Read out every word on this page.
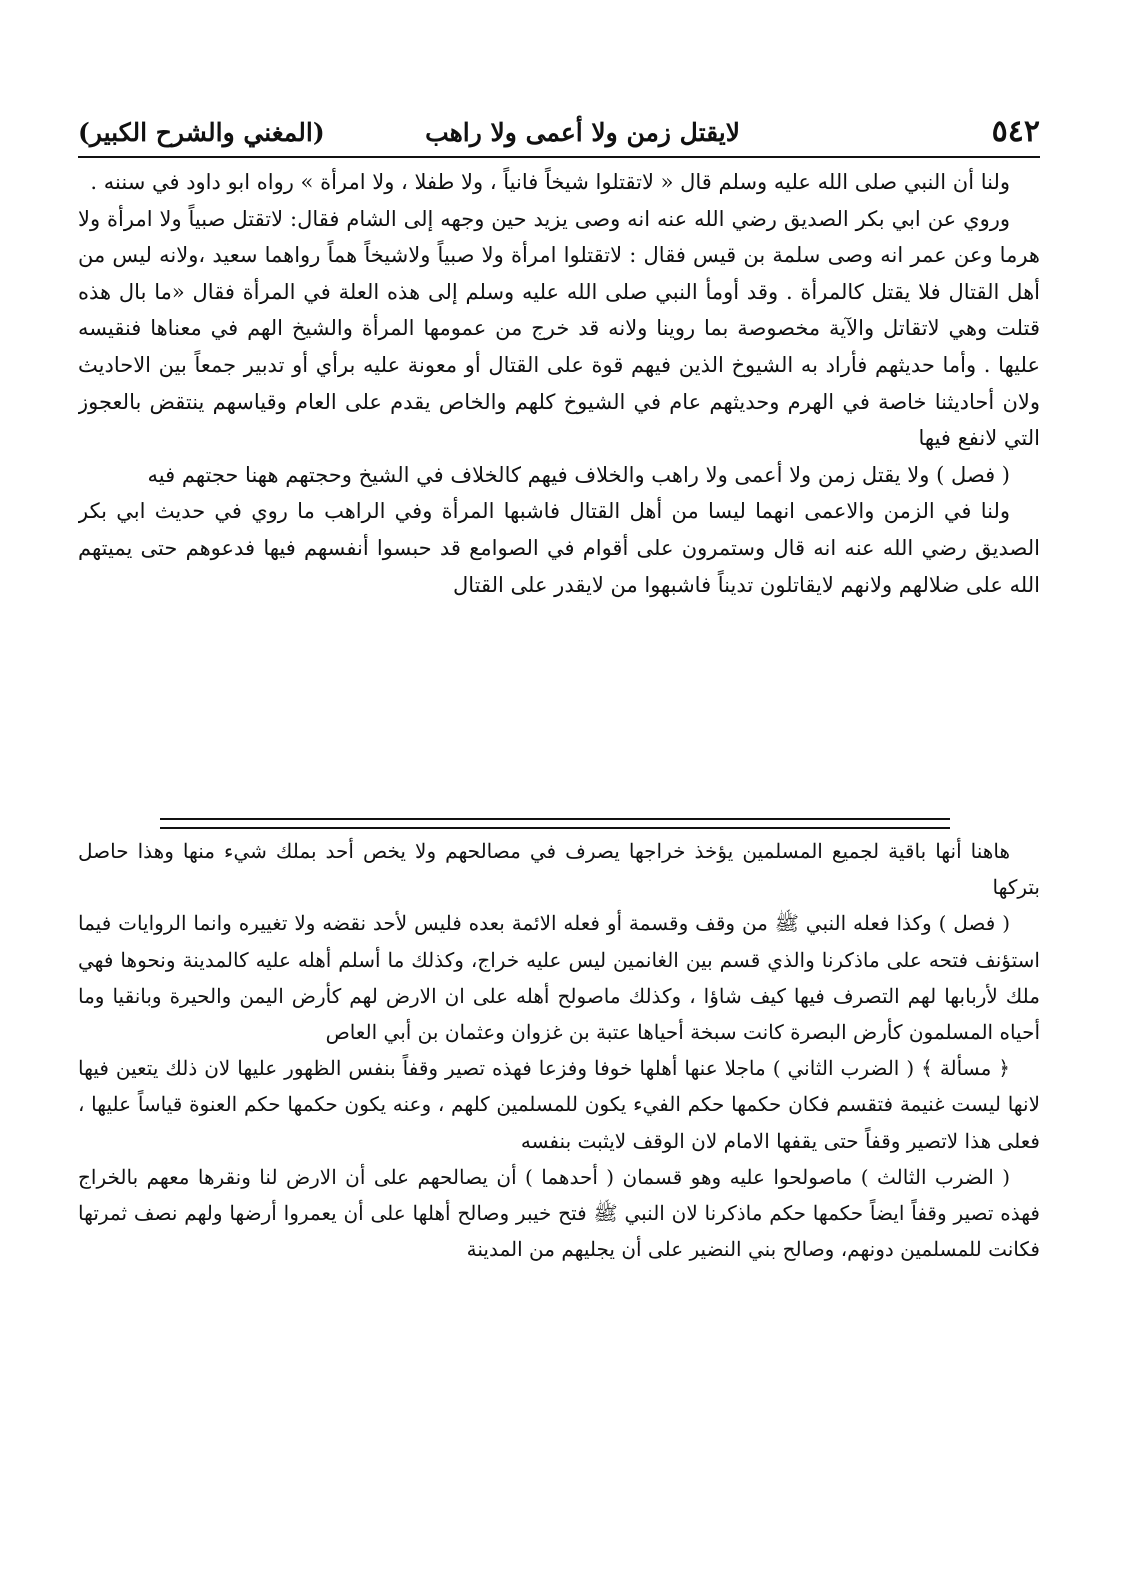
٥٤٢
لايقتل زمن ولا أعمى ولا راهب
(المغني والشرح الكبير)

ولنا أن النبي صلى الله عليه وسلم قال « لاتقتلوا شيخاً فانياً ، ولا طفلا ، ولا امرأة » رواه ابو داود في سننه .

وروي عن ابي بكر الصديق رضي الله عنه انه وصى يزيد حين وجهه إلى الشام فقال: لاتقتل صبياً ولا امرأة ولا هرما وعن عمر انه وصى سلمة بن قيس فقال : لاتقتلوا امرأة ولا صبياً ولاشيخاً هماً رواهما سعيد ،ولانه ليس من أهل القتال فلا يقتل كالمرأة . وقد أومأ النبي صلى الله عليه وسلم إلى هذه العلة في المرأة فقال «ما بال هذه قتلت وهي لاتقاتل والآية مخصوصة بما روينا ولانه قد خرج من عمومها المرأة والشيخ الهم في معناها فنقيسه عليها . وأما حديثهم فأراد به الشيوخ الذين فيهم قوة على القتال أو معونة عليه برأي أو تدبير جمعاً بين الاحاديث ولان أحاديثنا خاصة في الهرم وحديثهم عام في الشيوخ كلهم والخاص يقدم على العام وقياسهم ينتقض بالعجوز التي لانفع فيها

( فصل ) ولا يقتل زمن ولا أعمى ولا راهب والخلاف فيهم كالخلاف في الشيخ وحجتهم ههنا حجتهم فيه

ولنا في الزمن والاعمى انهما ليسا من أهل القتال فاشبها المرأة وفي الراهب ما روي في حديث ابي بكر الصديق رضي الله عنه انه قال وستمرون على أقوام في الصوامع قد حبسوا أنفسهم فيها فدعوهم حتى يميتهم الله على ضلالهم ولانهم لايقاتلون تديناً فاشبهوا من لايقدر على القتال

هاهنا أنها باقية لجميع المسلمين يؤخذ خراجها يصرف في مصالحهم ولا يخص أحد بملك شيء منها وهذا حاصل بتركها

( فصل ) وكذا فعله النبي ﷺ من وقف وقسمة أو فعله الائمة بعده فليس لأحد نقضه ولا تغييره وانما الروايات فيما استؤنف فتحه على ماذكرنا والذي قسم بين الغانمين ليس عليه خراج، وكذلك ما أسلم أهله عليه كالمدينة ونحوها فهي ملك لأربابها لهم التصرف فيها كيف شاؤا ، وكذلك ماصولح أهله على ان الارض لهم كأرض اليمن والحيرة وبانقيا وما أحياه المسلمون كأرض البصرة كانت سبخة أحياها عتبة بن غزوان وعثمان بن أبي العاص

﴿ مسألة ﴾ ( الضرب الثاني ) ماجلا عنها أهلها خوفا وفزعا فهذه تصير وقفاً بنفس الظهور عليها لان ذلك يتعين فيها لانها ليست غنيمة فتقسم فكان حكمها حكم الفيء يكون للمسلمين كلهم ، وعنه يكون حكمها حكم العنوة قياساً عليها ، فعلى هذا لاتصير وقفاً حتى يقفها الامام لان الوقف لايثبت بنفسه

( الضرب الثالث ) ماصولحوا عليه وهو قسمان ( أحدهما ) أن يصالحهم على أن الارض لنا ونقرها معهم بالخراج فهذه تصير وقفاً ايضاً حكمها حكم ماذكرنا لان النبي ﷺ فتح خيبر وصالح أهلها على أن يعمروا أرضها ولهم نصف ثمرتها فكانت للمسلمين دونهم، وصالح بني النضير على أن يجليهم من المدينة
